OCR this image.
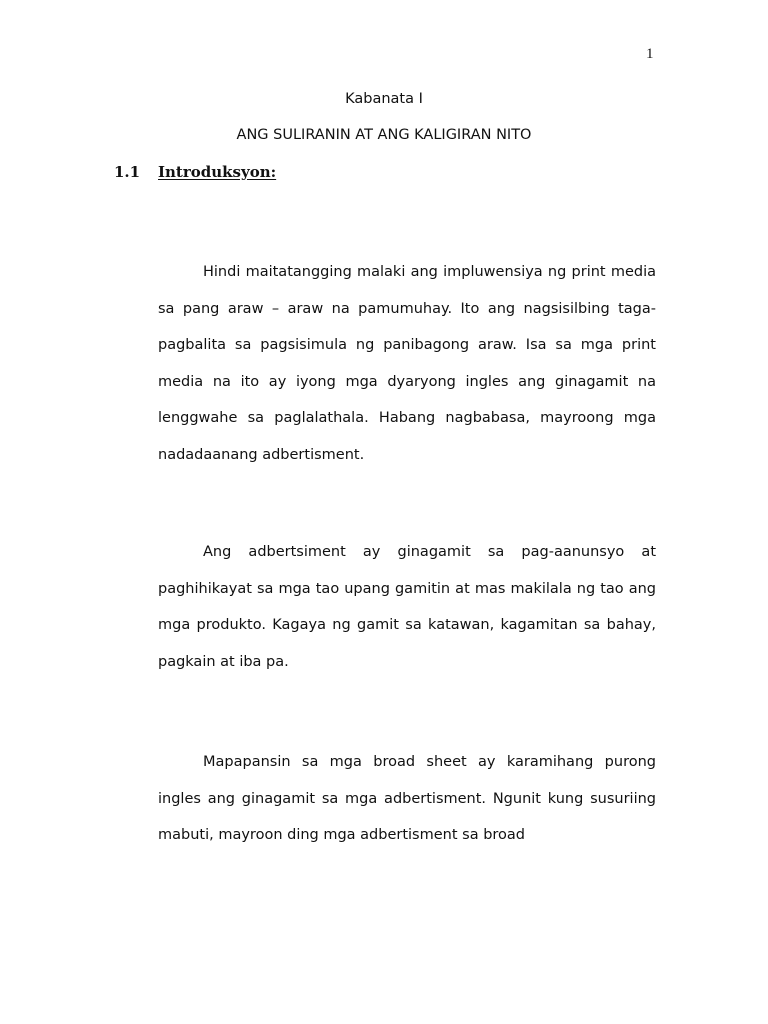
1
Kabanata I
ANG SULIRANIN AT ANG KALIGIRAN NITO
1.1 Introduksyon:

Hindi maitatangging malaki ang impluwensiya ng print media sa pang araw – araw na pamumuhay. Ito ang nagsisilbing taga-pagbalita sa pagsisimula ng panibagong araw. Isa sa mga print media na ito ay iyong mga dyaryong ingles ang ginagamit na lenggwahe sa paglalathala. Habang nagbabasa, mayroong mga nadadaanang adbertisment.

Ang adbertsiment ay ginagamit sa pag-aanunsyo at paghihikayat sa mga tao upang gamitin at mas makilala ng tao ang mga produkto. Kagaya ng gamit sa katawan, kagamitan sa bahay, pagkain at iba pa.

Mapapansin sa mga broad sheet ay karamihang purong ingles ang ginagamit sa mga adbertisment. Ngunit kung susuriing mabuti, mayroon ding mga adbertisment sa broad
